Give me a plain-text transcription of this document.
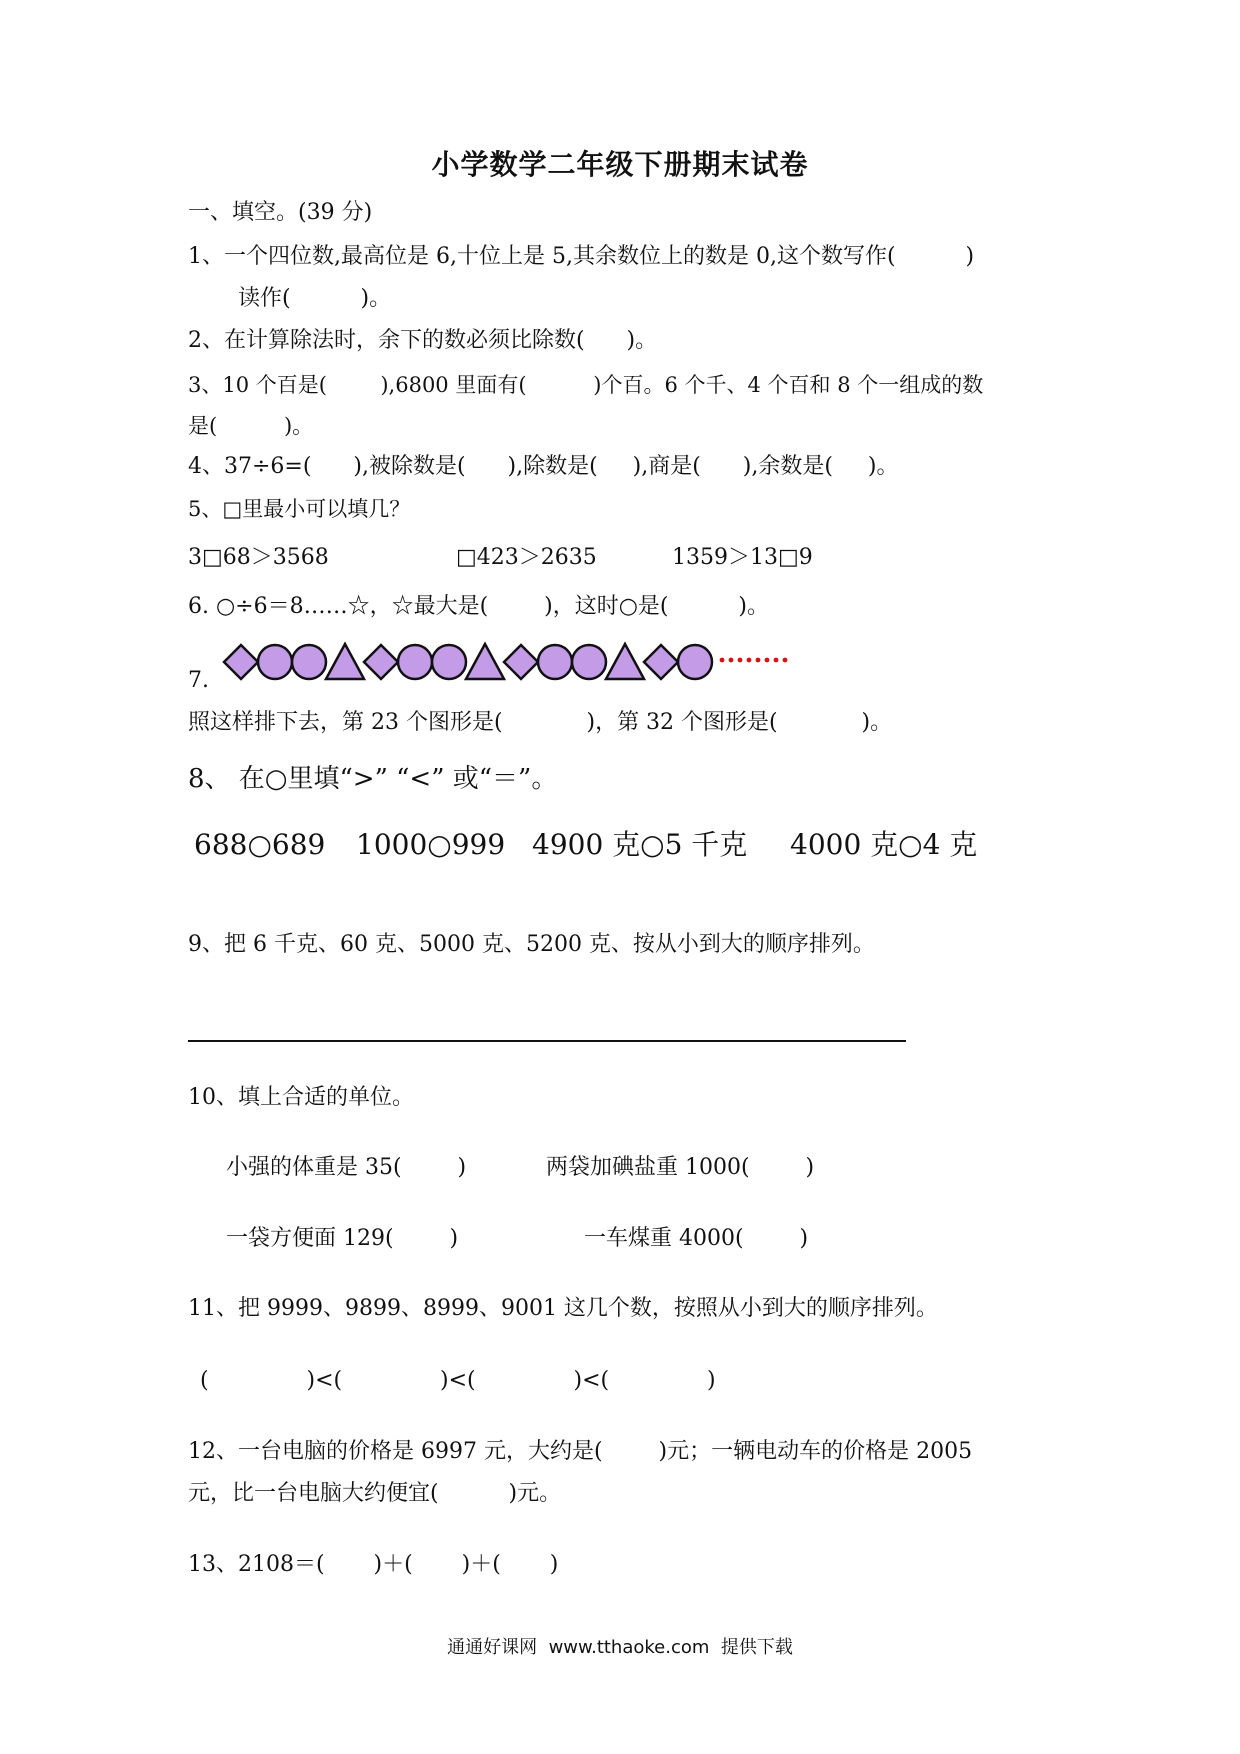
小学数学二年级下册期末试卷
一、填空。(39 分)
1、一个四位数,最高位是 6,十位上是 5,其余数位上的数是 0,这个数写作(          )
读作(          )。
2、在计算除法时，余下的数必须比除数(      )。
3、10 个百是(        ),6800 里面有(          )个百。6 个千、4 个百和 8 个一组成的数
是(          )。
4、37÷6=(      ),被除数是(      ),除数是(     ),商是(      ),余数是(     )。
5、□里最小可以填几？
3□68＞3568	□423＞2635	1359＞13□9
6. ○÷6＝8……☆，☆最大是(        )，这时○是(          )。
7.
照这样排下去，第 23 个图形是(            )，第 32 个图形是(            )。
8、 在○里填“>” “<” 或“＝”。
688○689 1000○999 4900 克○5 千克 4000 克○4 克
9、把 6 千克、60 克、5000 克、5200 克、按从小到大的顺序排列。
10、填上合适的单位。
小强的体重是 35(        )	两袋加碘盐重 1000(        )
一袋方便面 129(        )	一车煤重 4000(        )
11、把 9999、9899、8999、9001 这几个数，按照从小到大的顺序排列。
(              )<(              )<(              )<(              )
12、一台电脑的价格是 6997 元，大约是(        )元；一辆电动车的价格是 2005
元，比一台电脑大约便宜(          )元。
13、2108＝(       )＋(       )＋(       )
通通好课网  www.tthaoke.com  提供下载
